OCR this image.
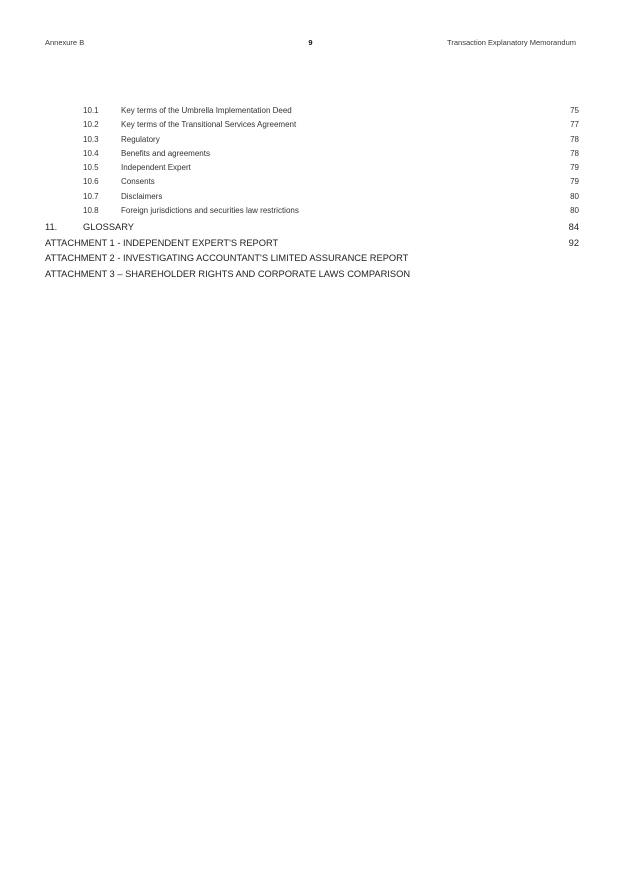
Annexure B	9	Transaction Explanatory Memorandum
10.1	Key terms of the Umbrella Implementation Deed	75
10.2	Key terms of the Transitional Services Agreement	77
10.3	Regulatory	78
10.4	Benefits and agreements	78
10.5	Independent Expert	79
10.6	Consents	79
10.7	Disclaimers	80
10.8	Foreign jurisdictions and securities law restrictions	80
11.	GLOSSARY	84
ATTACHMENT 1 - INDEPENDENT EXPERT'S REPORT	92
ATTACHMENT 2 - INVESTIGATING ACCOUNTANT'S LIMITED ASSURANCE REPORT
ATTACHMENT 3 – SHAREHOLDER RIGHTS AND CORPORATE LAWS COMPARISON
